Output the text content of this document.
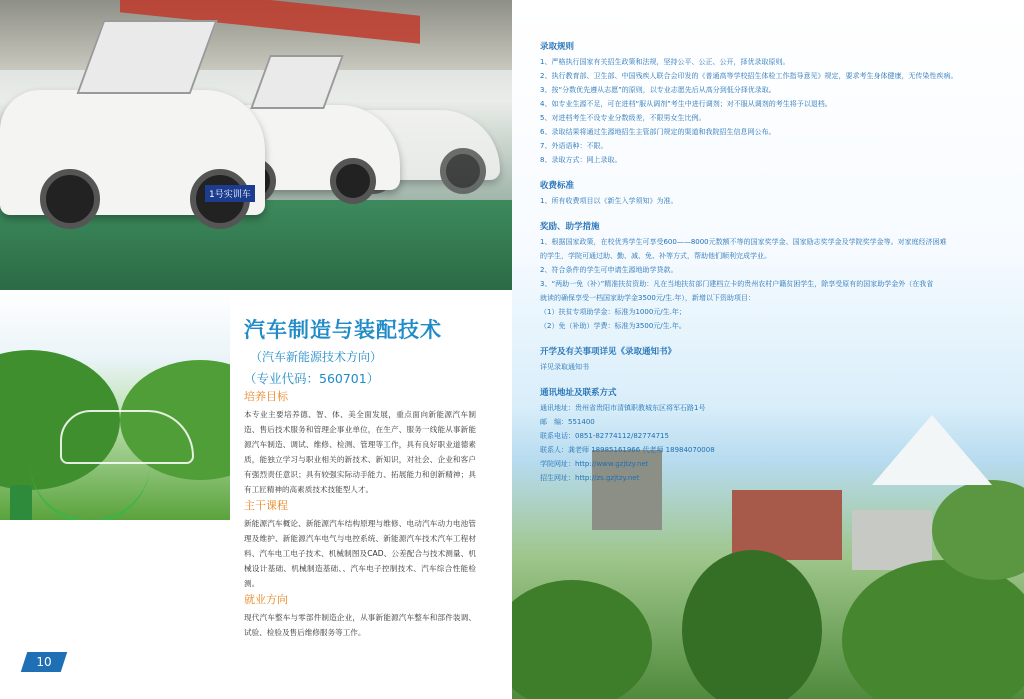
1号实训车
汽车制造与装配技术
（汽车新能源技术方向）
（专业代码：560701）
培养目标
本专业主要培养德、智、体、美全面发展，重点面向新能源汽车制造、售后技术服务和管理企事业单位，在生产、服务一线能从事新能源汽车制造、调试、维修、检测、管理等工作，具有良好职业道德素质，能独立学习与职业相关的新技术、新知识，对社会、企业和客户有强烈责任意识；具有较强实际动手能力、拓展能力和创新精神；具有工匠精神的高素质技术技能型人才。
主干课程
新能源汽车概论、新能源汽车结构原理与维修、电动汽车动力电池管理及维护、新能源汽车电气与电控系统、新能源汽车技术汽车工程材料、汽车电工电子技术、机械制图及CAD、公差配合与技术测量、机械设计基础、机械制造基础、、汽车电子控制技术、汽车综合性能检测。
就业方向
现代汽车整车与零部件制造企业，从事新能源汽车整车和部件装调、试验、检验及售后维修服务等工作。
10
录取规则
1、严格执行国家有关招生政策和法规，坚持公平、公正、公开，择优录取原则。
2、执行教育部、卫生部、中国残疾人联合会印发的《普通高等学校招生体检工作指导意见》规定，要求考生身体健康，无传染性疾病。
3、按“分数优先遵从志愿”的原则，以专业志愿先后从高分到低分择优录取。
4、如专业生源不足，可在进档“服从调剂”考生中进行调剂；对不服从调剂的考生将予以退档。
5、对进档考生不设专业分数级差，不限男女生比例。
6、录取结果将通过生源地招生主管部门规定的渠道和我院招生信息网公布。
7、外语语种：不限。
8、录取方式：网上录取。
收费标准
1、所有收费项目以《新生入学须知》为准。
奖励、助学措施
1、根据国家政策，在校优秀学生可享受600——8000元数额不等的国家奖学金、国家励志奖学金及学院奖学金等。对家庭经济困难
的学生，学院可通过助、勤、减、免、补等方式，帮助他们顺利完成学业。
2、符合条件的学生可申请生源地助学贷款。
3、“两助一免（补）”精准扶贫资助：凡在当地扶贫部门建档立卡的贵州农村户籍贫困学生，除享受原有的国家助学金外（在我省
就读的确保享受一档国家助学金3500元/生.年），新增以下资助项目：
（1）扶贫专项助学金：标准为1000元/生.年；
（2）免（补助）学费：标准为3500元/生.年。
开学及有关事项详见《录取通知书》
详见录取通知书
通讯地址及联系方式
通讯地址：贵州省贵阳市清镇职教城东区将军石路1号
邮　编：551400
联系电话：0851-82774112/82774715
联系人：龚老师 18985161966 代老师 18984070008
学院网址：http://www.gzjtzy.net
招生网址：http://zs.gzjtzy.net
